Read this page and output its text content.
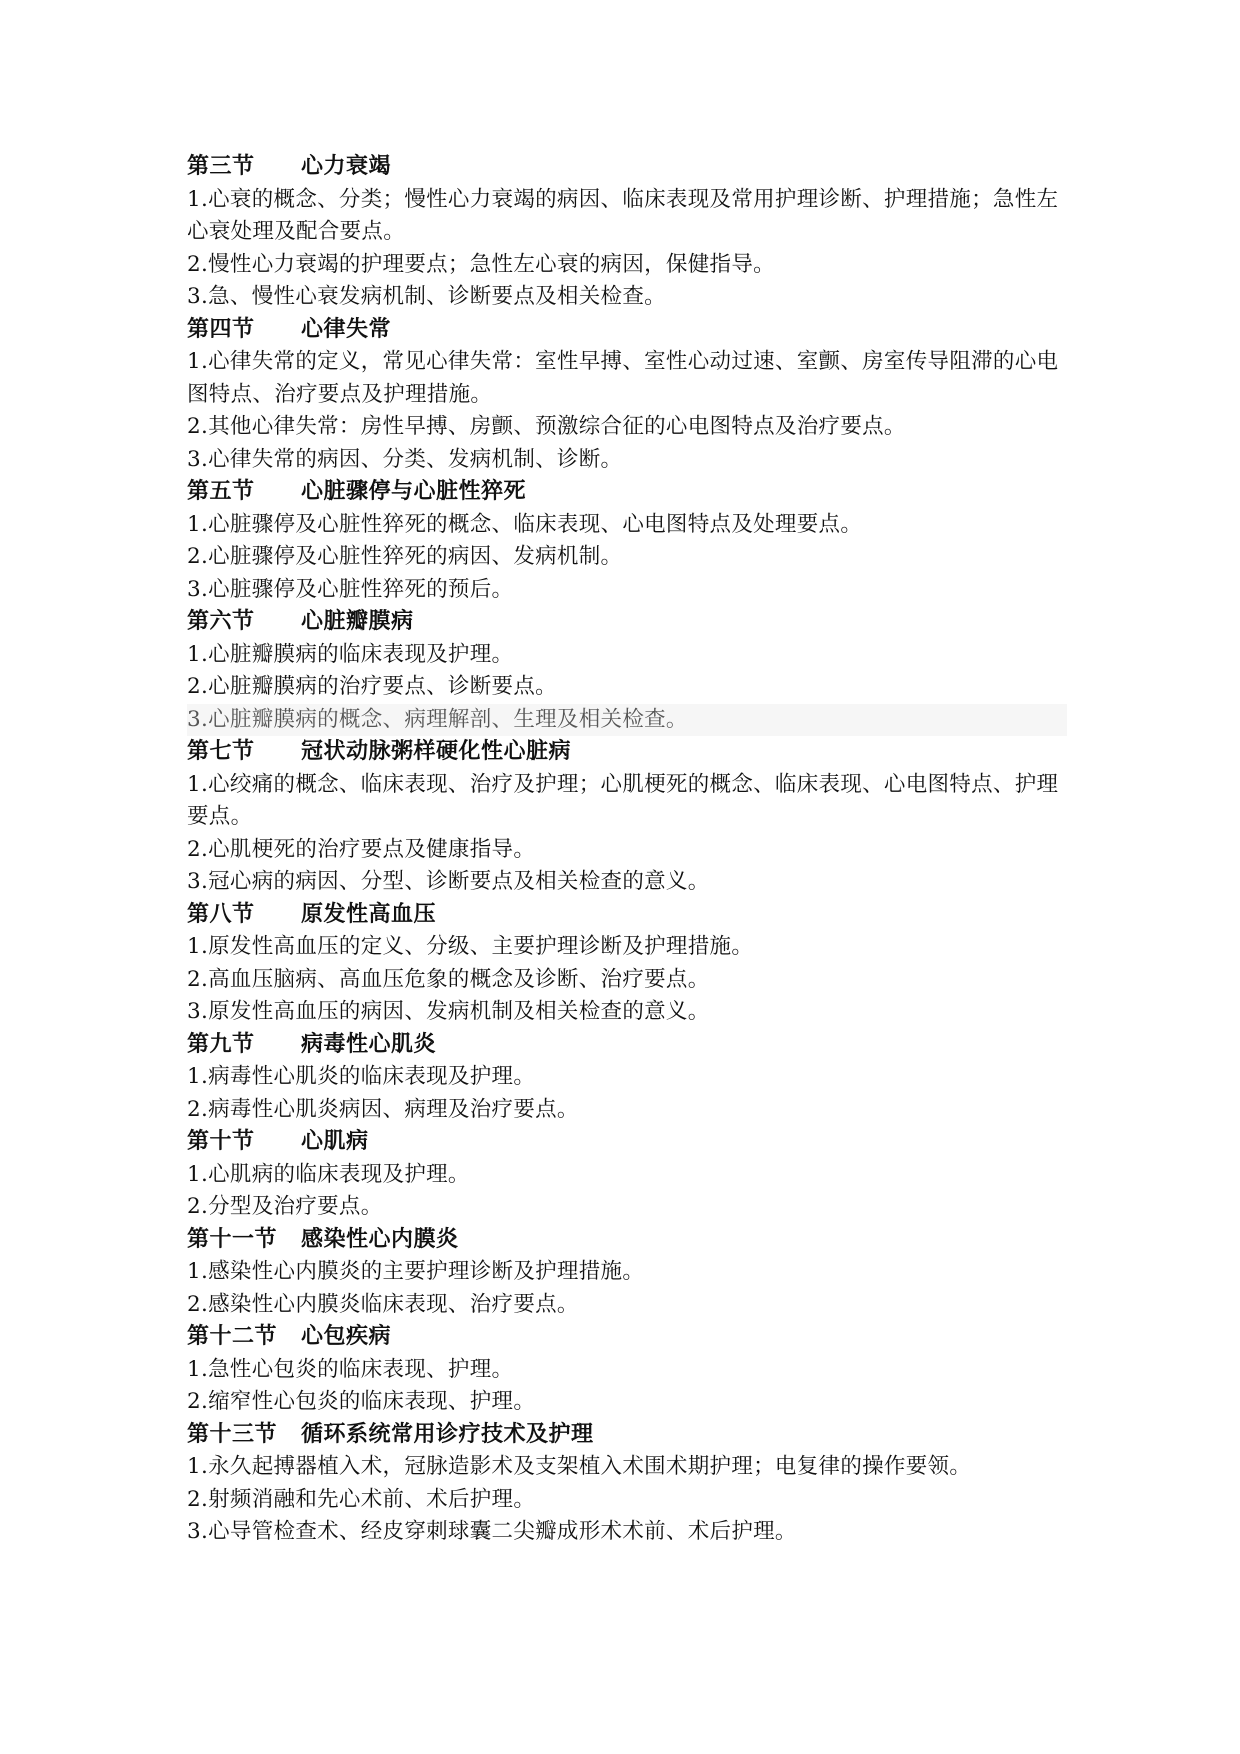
第三节 心力衰竭
1.心衰的概念、分类；慢性心力衰竭的病因、临床表现及常用护理诊断、护理措施；急性左心衰处理及配合要点。
2.慢性心力衰竭的护理要点；急性左心衰的病因，保健指导。
3.急、慢性心衰发病机制、诊断要点及相关检查。
第四节 心律失常
1.心律失常的定义，常见心律失常：室性早搏、室性心动过速、室颤、房室传导阻滞的心电图特点、治疗要点及护理措施。
2.其他心律失常：房性早搏、房颤、预激综合征的心电图特点及治疗要点。
3.心律失常的病因、分类、发病机制、诊断。
第五节 心脏骤停与心脏性猝死
1.心脏骤停及心脏性猝死的概念、临床表现、心电图特点及处理要点。
2.心脏骤停及心脏性猝死的病因、发病机制。
3.心脏骤停及心脏性猝死的预后。
第六节 心脏瓣膜病
1.心脏瓣膜病的临床表现及护理。
2.心脏瓣膜病的治疗要点、诊断要点。
3.心脏瓣膜病的概念、病理解剖、生理及相关检查。
第七节 冠状动脉粥样硬化性心脏病
1.心绞痛的概念、临床表现、治疗及护理；心肌梗死的概念、临床表现、心电图特点、护理要点。
2.心肌梗死的治疗要点及健康指导。
3.冠心病的病因、分型、诊断要点及相关检查的意义。
第八节 原发性高血压
1.原发性高血压的定义、分级、主要护理诊断及护理措施。
2.高血压脑病、高血压危象的概念及诊断、治疗要点。
3.原发性高血压的病因、发病机制及相关检查的意义。
第九节 病毒性心肌炎
1.病毒性心肌炎的临床表现及护理。
2.病毒性心肌炎病因、病理及治疗要点。
第十节 心肌病
1.心肌病的临床表现及护理。
2.分型及治疗要点。
第十一节 感染性心内膜炎
1.感染性心内膜炎的主要护理诊断及护理措施。
2.感染性心内膜炎临床表现、治疗要点。
第十二节 心包疾病
1.急性心包炎的临床表现、护理。
2.缩窄性心包炎的临床表现、护理。
第十三节 循环系统常用诊疗技术及护理
1.永久起搏器植入术，冠脉造影术及支架植入术围术期护理；电复律的操作要领。
2.射频消融和先心术前、术后护理。
3.心导管检查术、经皮穿刺球囊二尖瓣成形术术前、术后护理。
